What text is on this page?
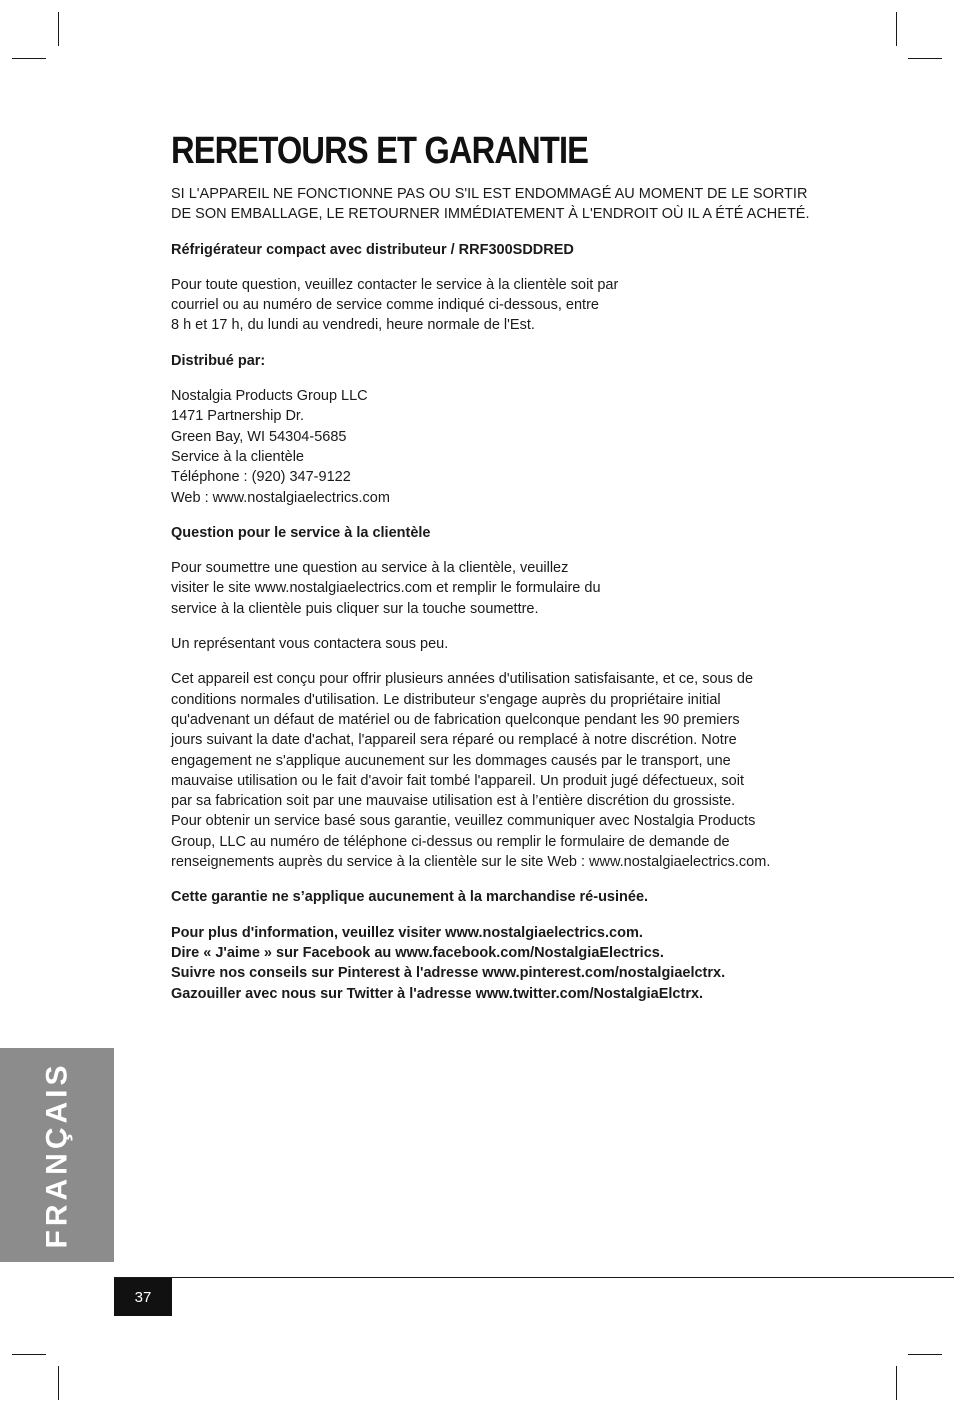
RERETOURS ET GARANTIE

SI L'APPAREIL NE FONCTIONNE PAS OU S'IL EST ENDOMMAGÉ AU MOMENT DE LE SORTIR
DE SON EMBALLAGE, LE RETOURNER IMMÉDIATEMENT À L'ENDROIT OÙ IL A ÉTÉ ACHETÉ.

Réfrigérateur compact avec distributeur / RRF300SDDRED

Pour toute question, veuillez contacter le service à la clientèle soit par
courriel ou au numéro de service comme indiqué ci-dessous, entre
8 h et 17 h, du lundi au vendredi, heure normale de l'Est.

Distribué par:

Nostalgia Products Group LLC
1471 Partnership Dr.
Green Bay, WI 54304-5685
Service à la clientèle
Téléphone : (920) 347-9122
Web : www.nostalgiaelectrics.com

Question pour le service à la clientèle

Pour soumettre une question au service à la clientèle, veuillez
visiter le site www.nostalgiaelectrics.com et remplir le formulaire du
service à la clientèle puis cliquer sur la touche soumettre.

Un représentant vous contactera sous peu.

Cet appareil est conçu pour offrir plusieurs années d'utilisation satisfaisante, et ce, sous de
conditions normales d'utilisation. Le distributeur s'engage auprès du propriétaire initial
qu'advenant un défaut de matériel ou de fabrication quelconque pendant les 90 premiers
jours suivant la date d'achat, l'appareil sera réparé ou remplacé à notre discrétion. Notre
engagement ne s'applique aucunement sur les dommages causés par le transport, une
mauvaise utilisation ou le fait d'avoir fait tombé l'appareil. Un produit jugé défectueux, soit
par sa fabrication soit par une mauvaise utilisation est à l’entière discrétion du grossiste.
Pour obtenir un service basé sous garantie, veuillez communiquer avec Nostalgia Products
Group, LLC au numéro de téléphone ci-dessus ou remplir le formulaire de demande de
renseignements auprès du service à la clientèle sur le site Web : www.nostalgiaelectrics.com.

Cette garantie ne s’applique aucunement à la marchandise ré-usinée.

Pour plus d'information, veuillez visiter www.nostalgiaelectrics.com.
Dire « J'aime » sur Facebook au www.facebook.com/NostalgiaElectrics.
Suivre nos conseils sur Pinterest à l'adresse www.pinterest.com/nostalgiaelctrx.
Gazouiller avec nous sur Twitter à l'adresse www.twitter.com/NostalgiaElctrx.

FRANÇAIS
37
